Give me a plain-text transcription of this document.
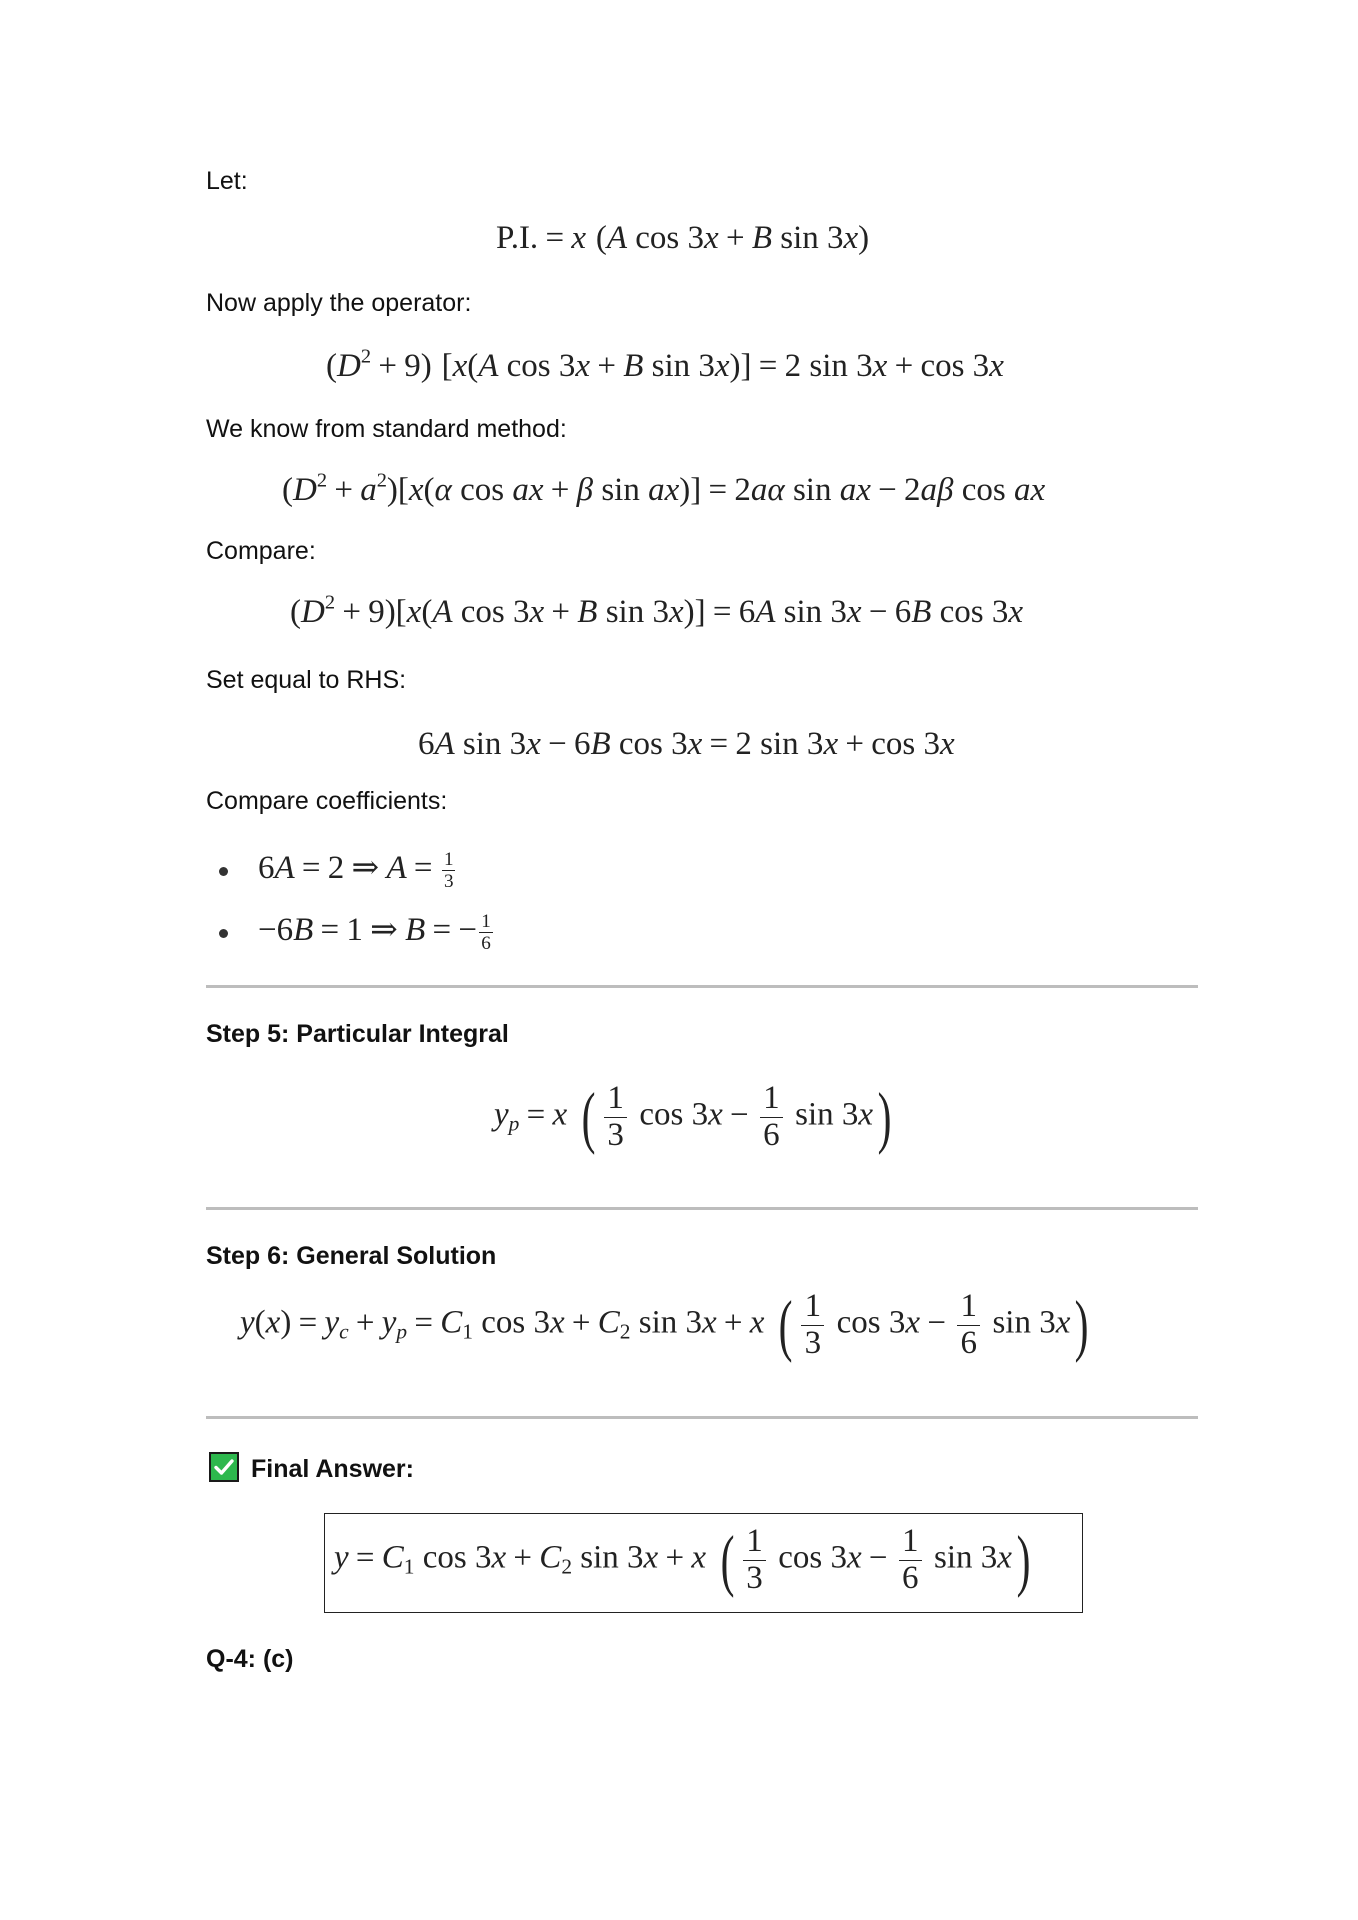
Let:
P.I. = x (A cos 3x + B sin 3x)
Now apply the operator:
$(D^2 + 9)$ [x(A cos 3x + B sin 3x)] = 2 sin 3x + cos 3x
We know from standard method:
$(D^2 + a^2)[x(\alpha$ cos ax + β sin ax)] = 2aα sin ax − 2aβ cos ax
Compare:
$(D^2 + 9)[x(A$ cos 3x + B sin 3x)] = 6A sin 3x − 6B cos 3x
Set equal to RHS:
6A sin 3x − 6B cos 3x = 2 sin 3x + cos 3x
Compare coefficients:
6A = 2 ⇒ $A = \frac{1}{3}$
−6B = 1 ⇒ B = − $\frac{1}{6}$
Step 5: Particular Integral
$y_p = x$ ( $\frac{1}{3}$ $\cos 3x - \frac{1}{6}$ sin 3x)
Step 6: General Solution
$y(x) = y_c + y_p = C_1$ $\cos 3x + C_2$ sin 3x + x ( $\frac{1}{3}$ $\cos 3x - \frac{1}{6}$ sin 3x)
Final Answer:
$y = C_1$ $\cos 3x + C_2$ sin 3x + x ( $\frac{1}{3}$ $\cos 3x - \frac{1}{6}$ sin 3x)
Q-4: (c)
